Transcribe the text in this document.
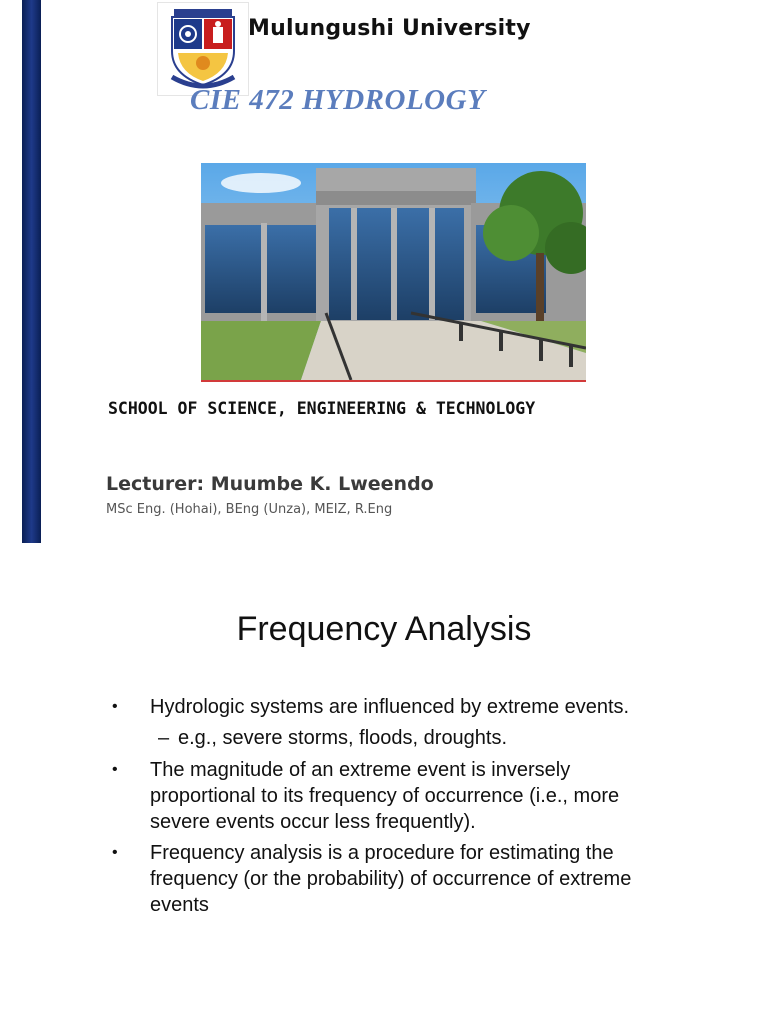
Mulungushi University
CIE 472 HYDROLOGY
SCHOOL OF SCIENCE, ENGINEERING & TECHNOLOGY
Lecturer: Muumbe K. Lweendo
MSc Eng. (Hohai), BEng (Unza), MEIZ, R.Eng
Frequency Analysis
• Hydrologic systems are influenced by extreme events.
– e.g., severe storms, floods, droughts.
• The magnitude of an extreme event is inversely proportional to its frequency of occurrence (i.e., more severe events occur less frequently).
• Frequency analysis is a procedure for estimating the frequency (or the probability) of occurrence of extreme events
